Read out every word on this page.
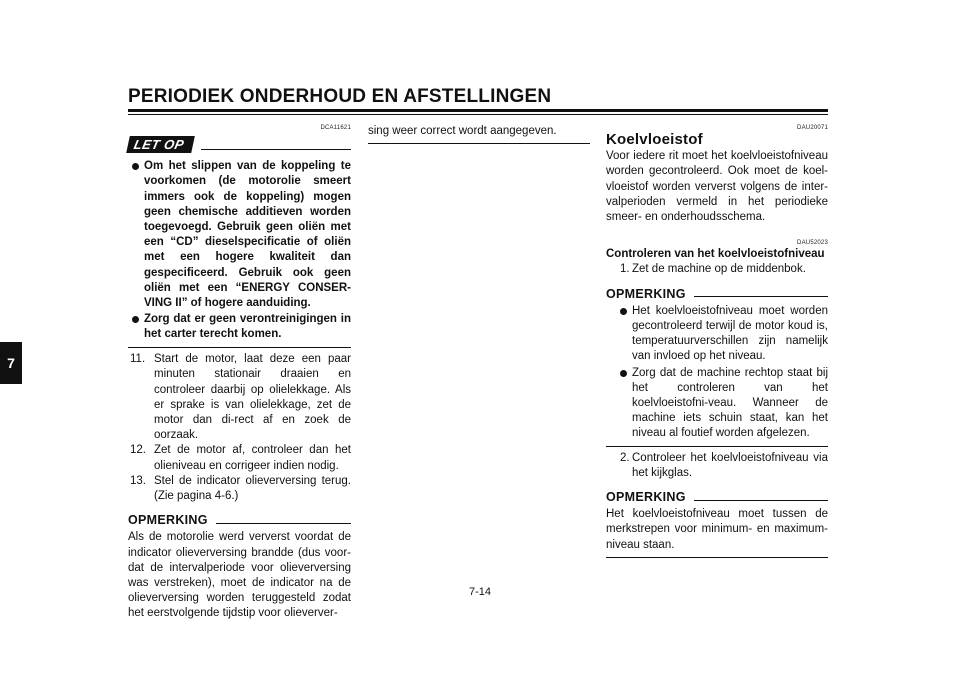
PERIODIEK ONDERHOUD EN AFSTELLINGEN
7
7-14
DCA11621
LET OP
Om het slippen van de koppeling te voorkomen (de motorolie smeert immers ook de koppeling) mogen geen chemische additieven worden toegevoegd. Gebruik geen oliën met een “CD” dieselspecificatie of oliën met een hogere kwaliteit dan gespecificeerd. Gebruik ook geen oliën met een “ENERGY CONSER-VING II” of hogere aanduiding.
Zorg dat er geen verontreinigingen in het carter terecht komen.
11. Start de motor, laat deze een paar minuten stationair draaien en controleer daarbij op olielekkage. Als er sprake is van olielekkage, zet de motor dan di-rect af en zoek de oorzaak.
12. Zet de motor af, controleer dan het olieniveau en corrigeer indien nodig.
13. Stel de indicator olieverversing terug. (Zie pagina 4-6.)
OPMERKING

Als de motorolie werd ververst voordat de indicator olieverversing brandde (dus voor-dat de intervalperiode voor olieverversing was verstreken), moet de indicator na de olieverversing worden teruggesteld zodat het eerstvolgende tijdstip voor olieverver-

sing weer correct wordt aangegeven.	DAU20071
Koelvloeistof

Voor iedere rit moet het koelvloeistofniveau worden gecontroleerd. Ook moet de koel-vloeistof worden ververst volgens de inter-valperioden vermeld in het periodieke smeer- en onderhoudsschema.

DAU52023

Controleren van het koelvloeistofniveau

1. Zet de machine op de middenbok.
OPMERKING
Het koelvloeistofniveau moet worden gecontroleerd terwijl de motor koud is, temperatuurverschillen zijn namelijk van invloed op het niveau.
Zorg dat de machine rechtop staat bij het controleren van het koelvloeistofni-veau. Wanneer de machine iets schuin staat, kan het niveau al foutief worden afgelezen.
2. Controleer het koelvloeistofniveau via het kijkglas.
OPMERKING

Het koelvloeistofniveau moet tussen de merkstrepen voor minimum- en maximum-niveau staan.
